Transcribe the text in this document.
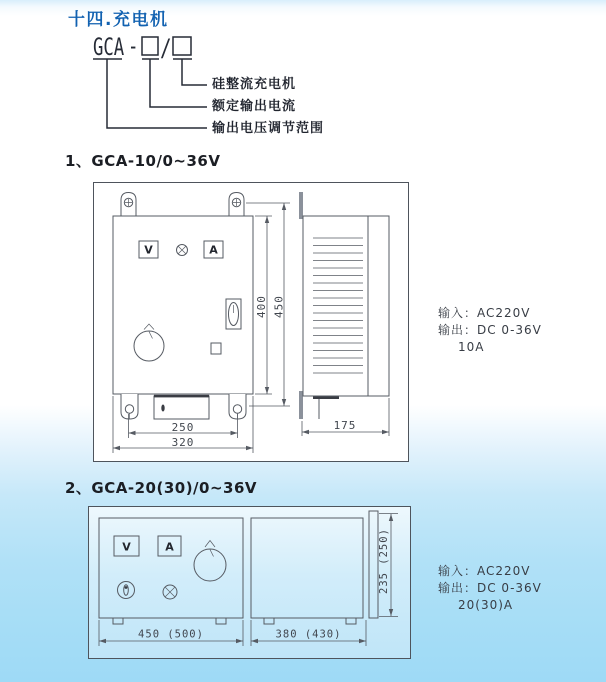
十四.充电机
GCA - /
硅整流充电机
额定输出电流
输出电压调节范围
1、GCA-10/0~36V
V	A
400 450
250
320
175
输入：AC220V
输出：DC 0-36V
10A
2、GCA-20(30)/0~36V
V	A
450 (500)	380 (430)
235 (250)	输入：AC220V
输出：DC 0-36V
20(30)A
